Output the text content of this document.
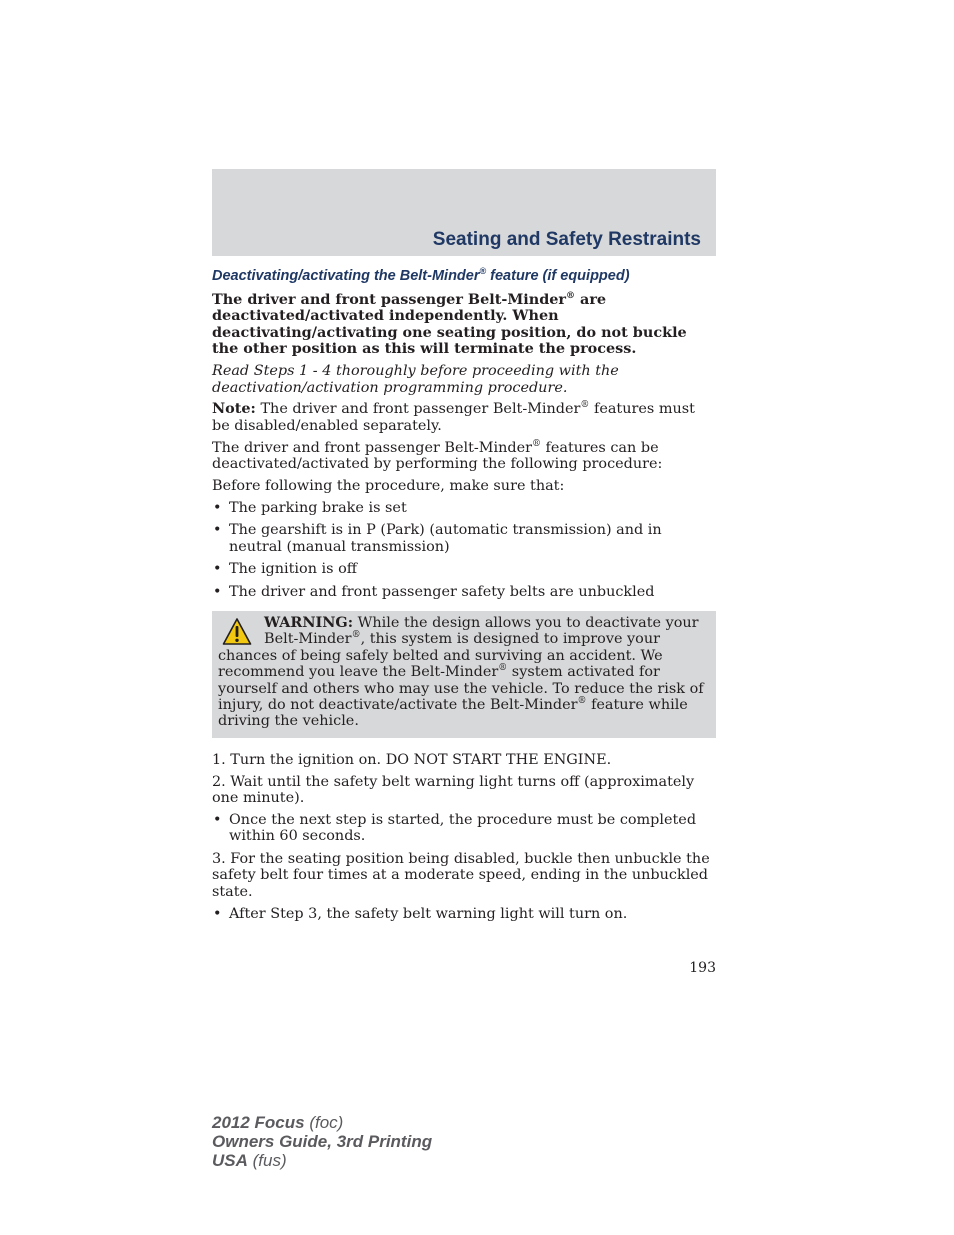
Seating and Safety Restraints
Deactivating/activating the Belt-Minder® feature (if equipped)

The driver and front passenger Belt-Minder® are deactivated/activated independently. When deactivating/activating one seating position, do not buckle the other position as this will terminate the process.

Read Steps 1 - 4 thoroughly before proceeding with the deactivation/activation programming procedure.

Note: The driver and front passenger Belt-Minder® features must be disabled/enabled separately.

The driver and front passenger Belt-Minder® features can be deactivated/activated by performing the following procedure:

Before following the procedure, make sure that:

• The parking brake is set
• The gearshift is in P (Park) (automatic transmission) and in neutral (manual transmission)
• The ignition is off
• The driver and front passenger safety belts are unbuckled
WARNING: While the design allows you to deactivate your Belt-Minder®, this system is designed to improve your chances of being safely belted and surviving an accident. We recommend you leave the Belt-Minder® system activated for yourself and others who may use the vehicle. To reduce the risk of injury, do not deactivate/activate the Belt-Minder® feature while driving the vehicle.

1. Turn the ignition on. DO NOT START THE ENGINE.

2. Wait until the safety belt warning light turns off (approximately one minute).

• Once the next step is started, the procedure must be completed within 60 seconds.

3. For the seating position being disabled, buckle then unbuckle the safety belt four times at a moderate speed, ending in the unbuckled state.

• After Step 3, the safety belt warning light will turn on.
193
2012 Focus (foc)
Owners Guide, 3rd Printing
USA (fus)
